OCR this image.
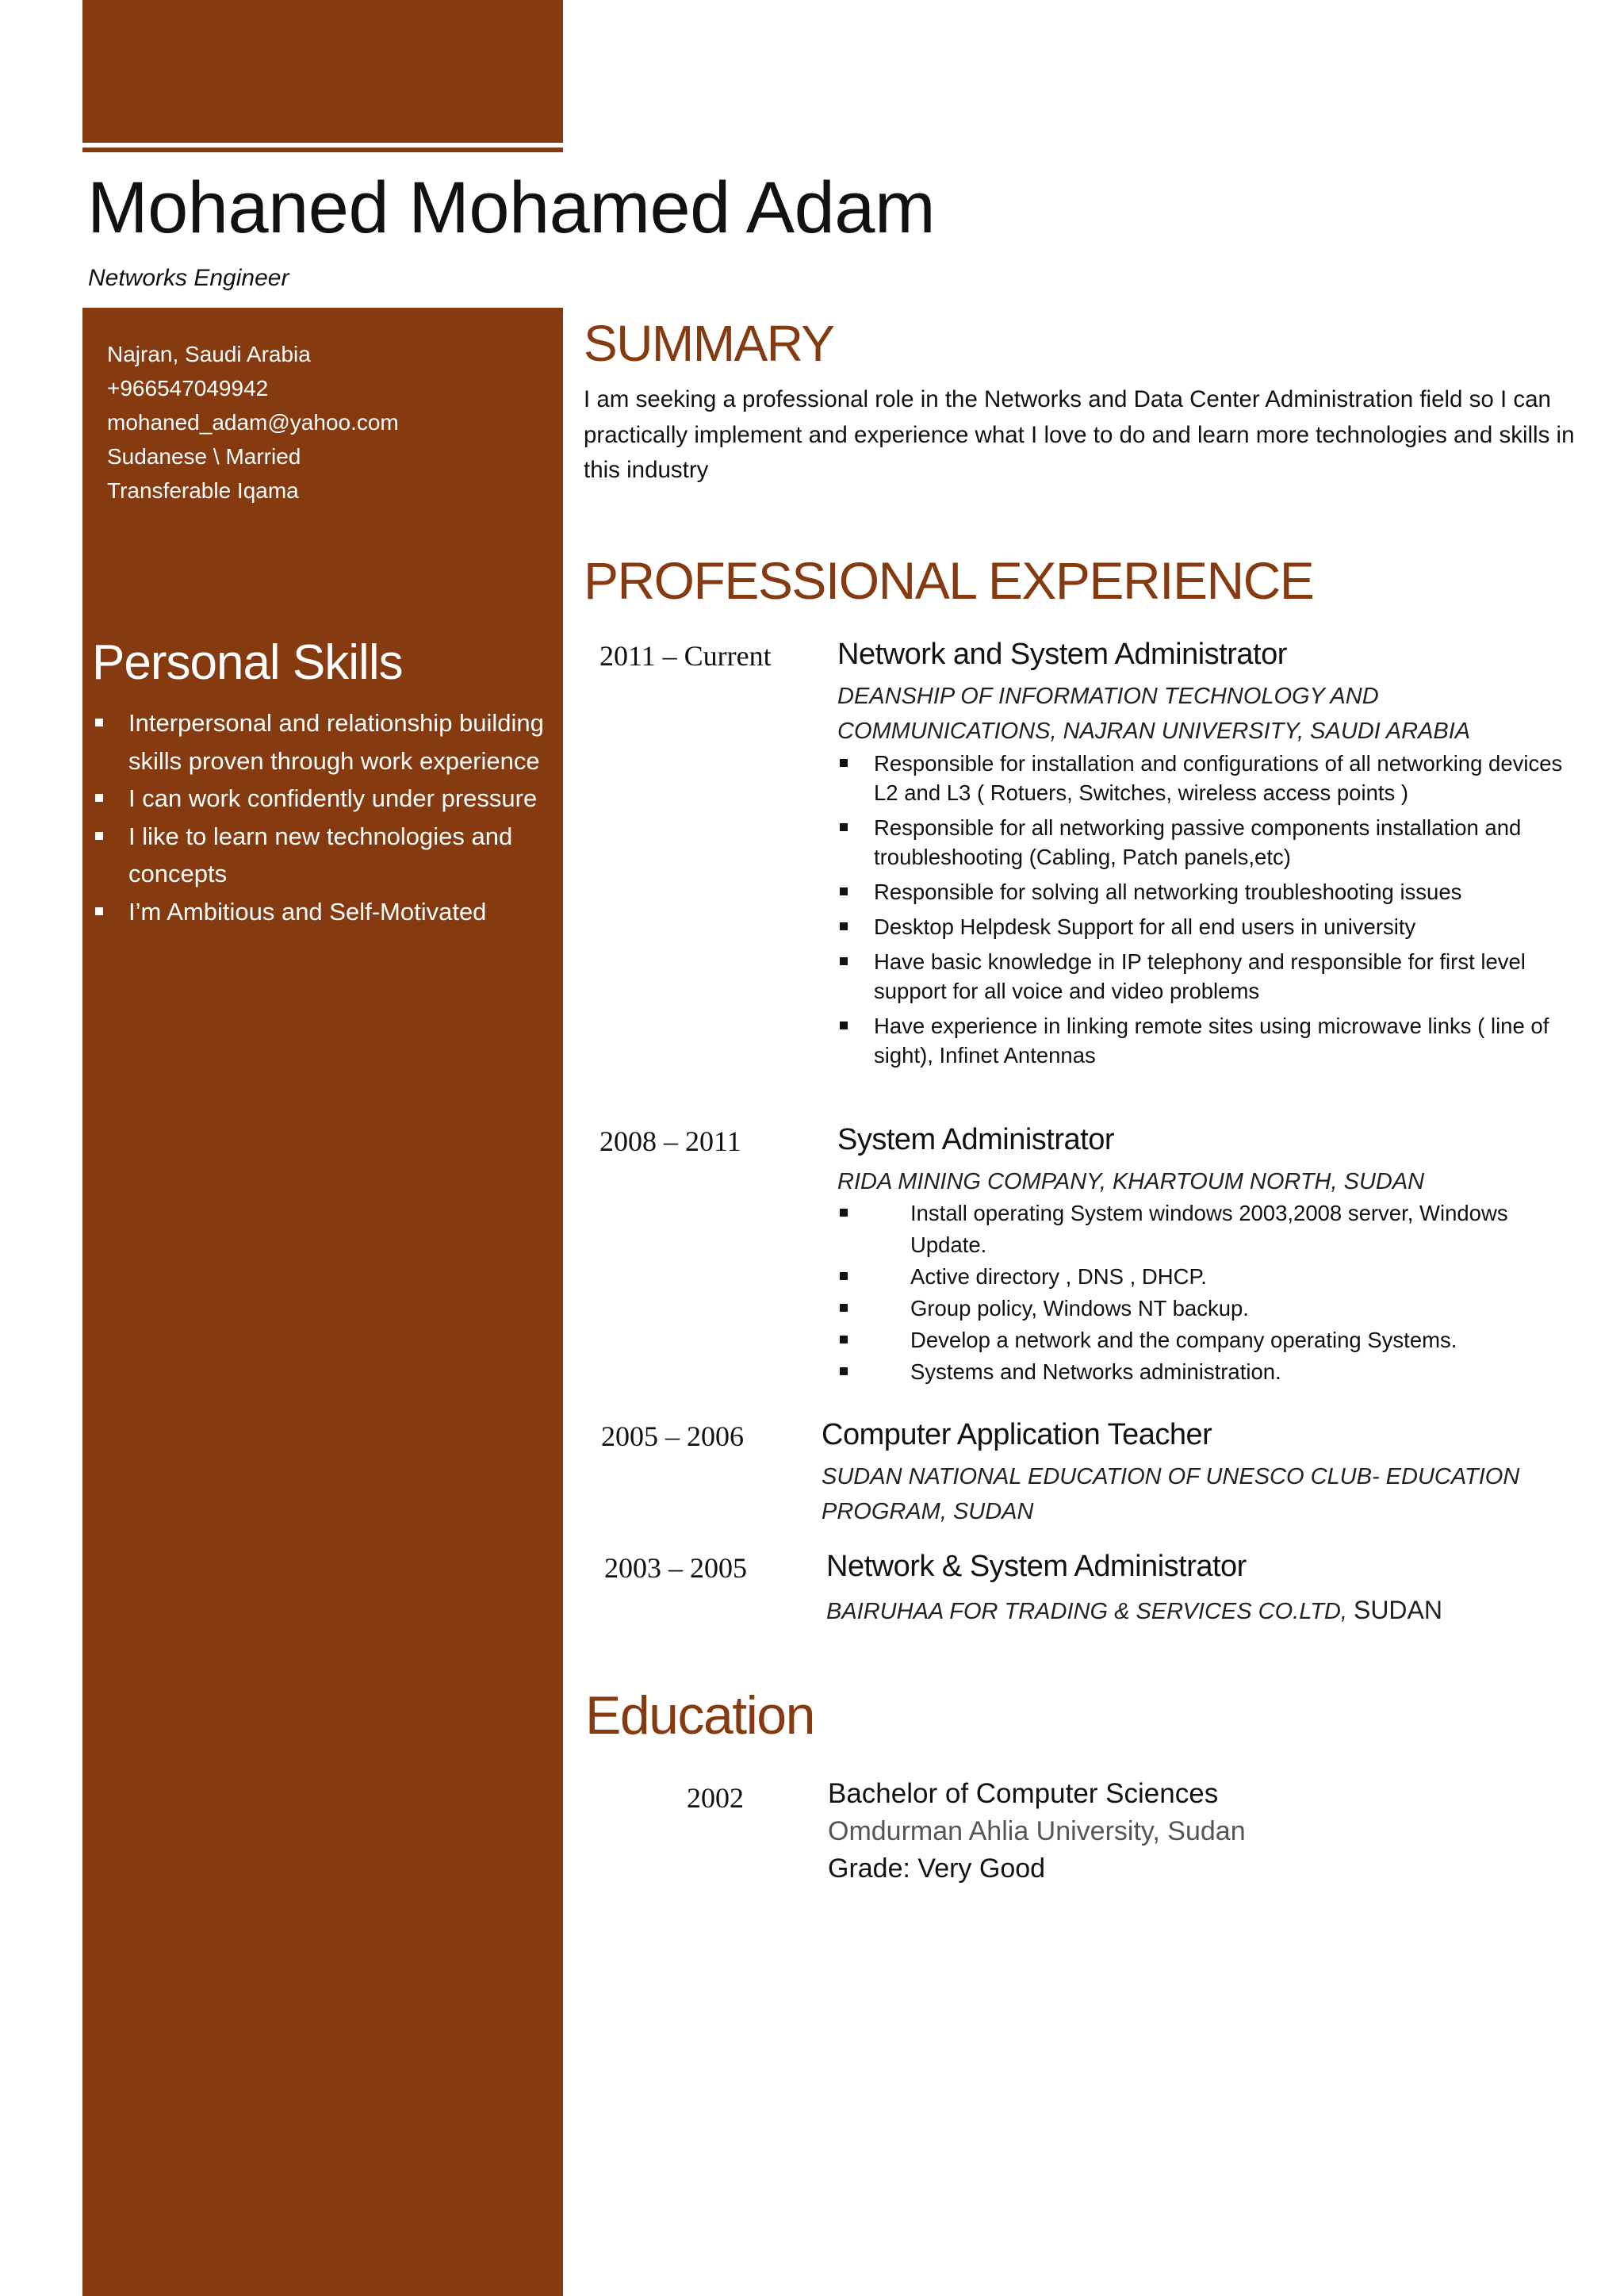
Mohaned Mohamed Adam
Networks Engineer
Najran, Saudi Arabia
+966547049942
mohaned_adam@yahoo.com
Sudanese \ Married
Transferable Iqama
Personal Skills
Interpersonal and relationship building skills proven through work experience
I can work confidently under pressure
I like to learn new technologies and concepts
I’m Ambitious and Self-Motivated
SUMMARY
I am seeking a professional role in the Networks and Data Center Administration field so I can practically implement and experience what I love to do and learn more technologies and skills in this industry
PROFESSIONAL EXPERIENCE
2011 – Current Network and System Administrator
DEANSHIP OF INFORMATION TECHNOLOGY AND COMMUNICATIONS, NAJRAN UNIVERSITY, SAUDI ARABIA
Responsible for installation and configurations of all networking devices L2 and L3 ( Rotuers, Switches, wireless access points )
Responsible for all networking passive components installation and troubleshooting (Cabling, Patch panels,etc)
Responsible for solving all networking troubleshooting issues
Desktop Helpdesk Support for all end users in university
Have basic knowledge in IP telephony and responsible for first level support for all voice and video problems
Have experience in linking remote sites using microwave links ( line of sight), Infinet Antennas
2008 – 2011	System Administrator
RIDA MINING COMPANY, KHARTOUM NORTH, SUDAN
Install operating System windows 2003,2008 server, Windows Update.
Active directory , DNS , DHCP.
Group policy, Windows NT backup.
Develop a network and the company operating Systems.
Systems and Networks administration.
2005 – 2006	Computer Application Teacher
SUDAN NATIONAL EDUCATION OF UNESCO CLUB- EDUCATION PROGRAM, SUDAN
2003 – 2005	Network & System Administrator
BAIRUHAA FOR TRADING & SERVICES CO.LTD, SUDAN
Education
2002	Bachelor of Computer Sciences
Omdurman Ahlia University, Sudan
Grade: Very Good
